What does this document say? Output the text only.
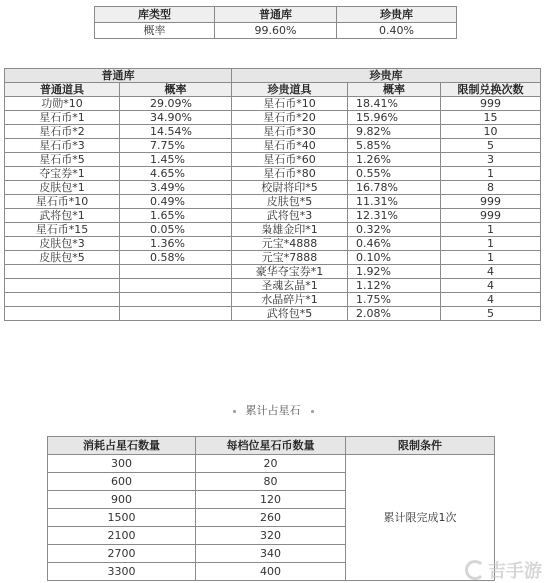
库类型	普通库	珍贵库
概率	99.60%	0.40%
普通库		珍贵库		
普通道具	概率	珍贵道具	概率	限制兑换次数
功勋*10	29.09%	星石币*10	18.41%	999
星石币*1	34.90%	星石币*20	15.96%	15
星石币*2	14.54%	星石币*30	9.82%	10
星石币*3	7.75%	星石币*40	5.85%	5
星石币*5	1.45%	星石币*60	1.26%	3
夺宝券*1	4.65%	星石币*80	0.55%	1
皮肤包*1	3.49%	校尉将印*5	16.78%	8
星石币*10	0.49%	皮肤包*5	11.31%	999
武将包*1	1.65%	武将包*3	12.31%	999
星石币*15	0.05%	枭雄金印*1	0.32%	1
皮肤包*3	1.36%	元宝*4888	0.46%	1
皮肤包*5	0.58%	元宝*7888	0.10%	1
		豪华夺宝券*1	1.92%	4
		圣魂玄晶*1	1.12%	4
		水晶碎片*1	1.75%	4
		武将包*5	2.08%	5
累计占星石
消耗占星石数量	每档位星石币数量	限制条件
300	20	累计限完成1次
600	80	
900	120	
1500	260	
2100	320	
2700	340	
3300	400		吉手游
